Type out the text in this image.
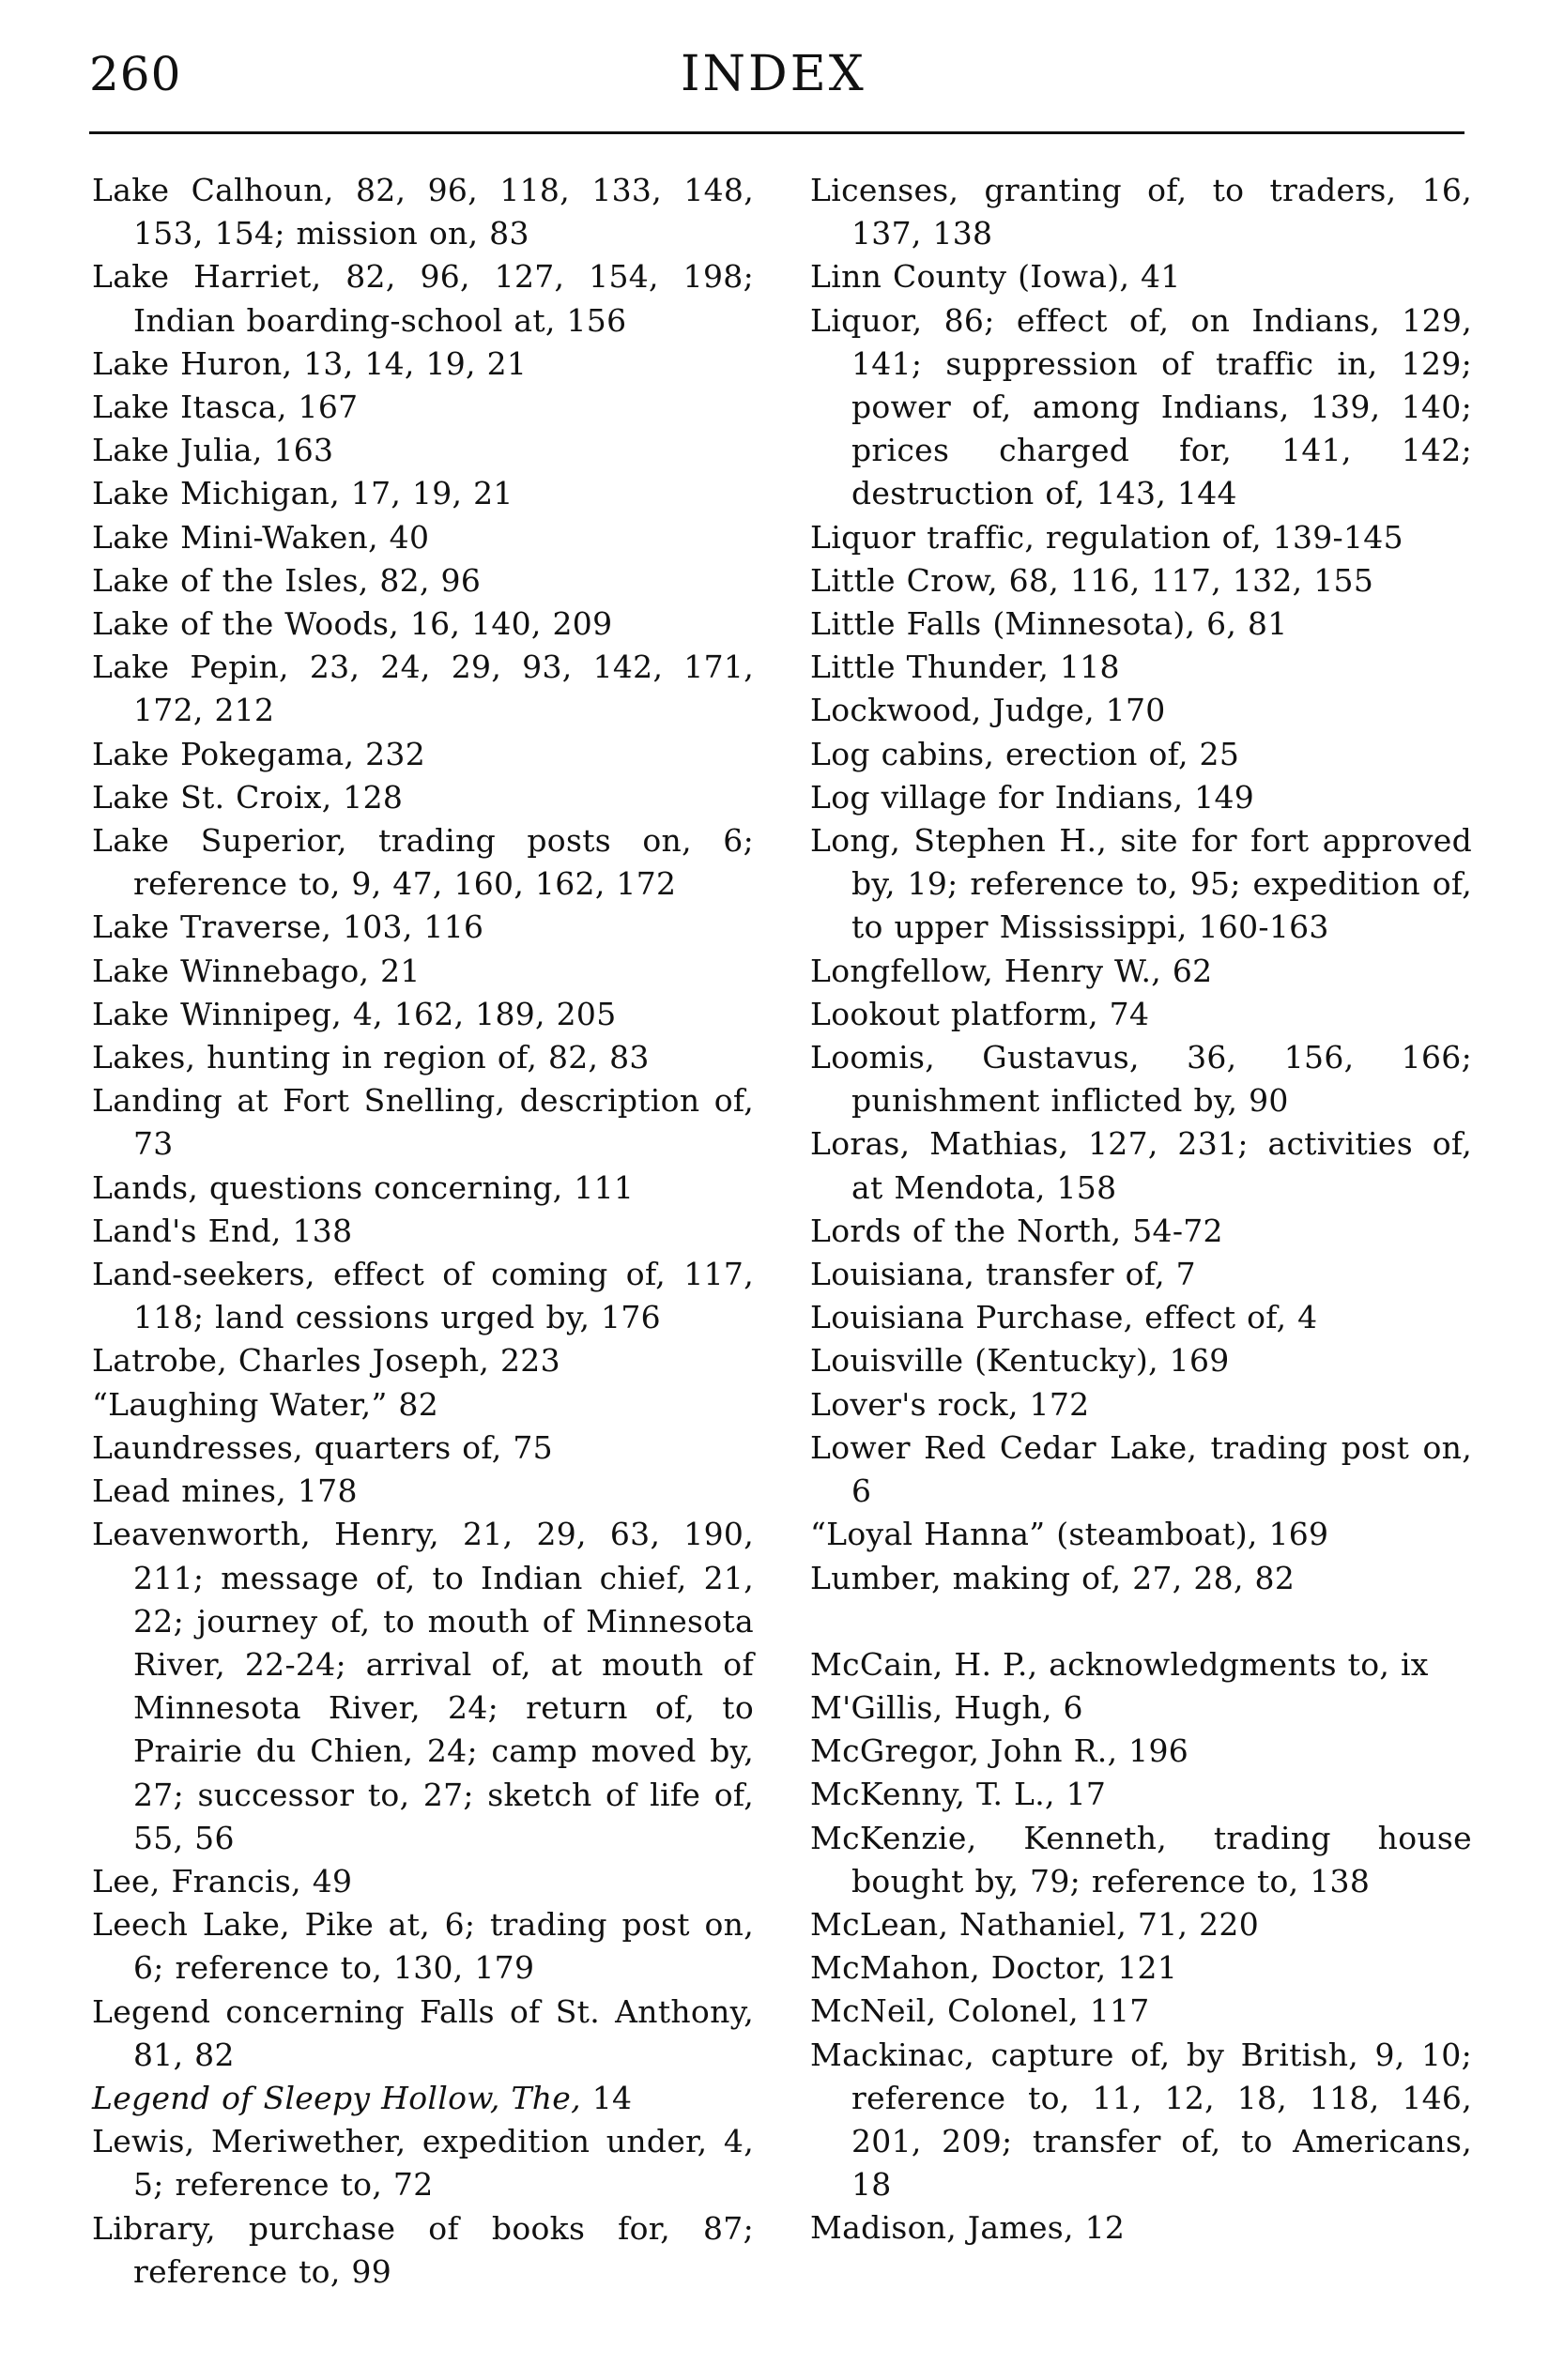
260	INDEX
Lake Calhoun, 82, 96, 118, 133, 148, 153, 154; mission on, 83
Lake Harriet, 82, 96, 127, 154, 198; Indian boarding-school at, 156
Lake Huron, 13, 14, 19, 21
Lake Itasca, 167
Lake Julia, 163
Lake Michigan, 17, 19, 21
Lake Mini-Waken, 40
Lake of the Isles, 82, 96
Lake of the Woods, 16, 140, 209
Lake Pepin, 23, 24, 29, 93, 142, 171, 172, 212
Lake Pokegama, 232
Lake St. Croix, 128
Lake Superior, trading posts on, 6; reference to, 9, 47, 160, 162, 172
Lake Traverse, 103, 116
Lake Winnebago, 21
Lake Winnipeg, 4, 162, 189, 205
Lakes, hunting in region of, 82, 83
Landing at Fort Snelling, description of, 73
Lands, questions concerning, 111
Land's End, 138
Land-seekers, effect of coming of, 117, 118; land cessions urged by, 176
Latrobe, Charles Joseph, 223
“Laughing Water,” 82
Laundresses, quarters of, 75
Lead mines, 178
Leavenworth, Henry, 21, 29, 63, 190, 211; message of, to Indian chief, 21, 22; journey of, to mouth of Minnesota River, 22-24; arrival of, at mouth of Minnesota River, 24; return of, to Prairie du Chien, 24; camp moved by, 27; successor to, 27; sketch of life of, 55, 56
Lee, Francis, 49
Leech Lake, Pike at, 6; trading post on, 6; reference to, 130, 179
Legend concerning Falls of St. Anthony, 81, 82
Legend of Sleepy Hollow, The, 14
Lewis, Meriwether, expedition under, 4, 5; reference to, 72
Library, purchase of books for, 87; reference to, 99
Licenses, granting of, to traders, 16, 137, 138
Linn County (Iowa), 41
Liquor, 86; effect of, on Indians, 129, 141; suppression of traffic in, 129; power of, among Indians, 139, 140; prices charged for, 141, 142; destruction of, 143, 144
Liquor traffic, regulation of, 139-145
Little Crow, 68, 116, 117, 132, 155
Little Falls (Minnesota), 6, 81
Little Thunder, 118
Lockwood, Judge, 170
Log cabins, erection of, 25
Log village for Indians, 149
Long, Stephen H., site for fort approved by, 19; reference to, 95; expedition of, to upper Mississippi, 160-163
Longfellow, Henry W., 62
Lookout platform, 74
Loomis, Gustavus, 36, 156, 166; punishment inflicted by, 90
Loras, Mathias, 127, 231; activities of, at Mendota, 158
Lords of the North, 54-72
Louisiana, transfer of, 7
Louisiana Purchase, effect of, 4
Louisville (Kentucky), 169
Lover's rock, 172
Lower Red Cedar Lake, trading post on, 6
“Loyal Hanna” (steamboat), 169
Lumber, making of, 27, 28, 82
McCain, H. P., acknowledgments to, ix
M'Gillis, Hugh, 6
McGregor, John R., 196
McKenny, T. L., 17
McKenzie, Kenneth, trading house bought by, 79; reference to, 138
McLean, Nathaniel, 71, 220
McMahon, Doctor, 121
McNeil, Colonel, 117
Mackinac, capture of, by British, 9, 10; reference to, 11, 12, 18, 118, 146, 201, 209; transfer of, to Americans, 18
Madison, James, 12
